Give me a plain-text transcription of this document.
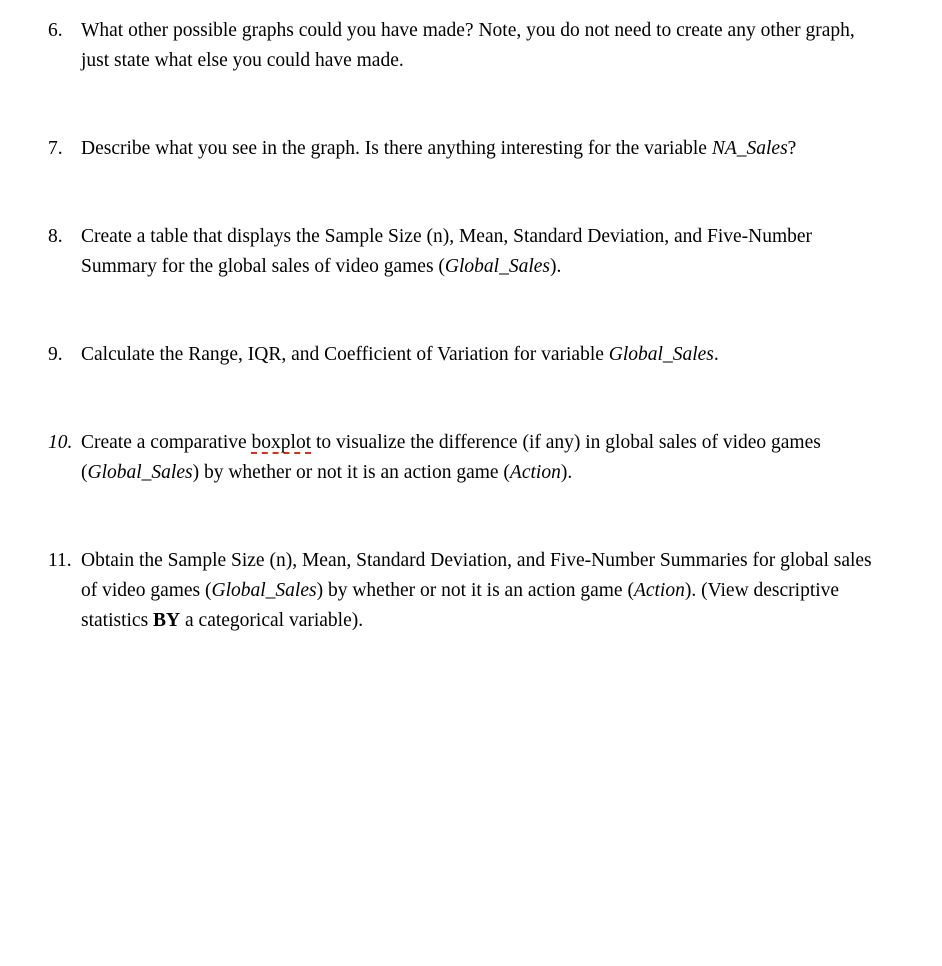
6. What other possible graphs could you have made? Note, you do not need to create any other graph, just state what else you could have made.
7. Describe what you see in the graph. Is there anything interesting for the variable NA_Sales?
8. Create a table that displays the Sample Size (n), Mean, Standard Deviation, and Five-Number Summary for the global sales of video games (Global_Sales).
9. Calculate the Range, IQR, and Coefficient of Variation for variable Global_Sales.
10. Create a comparative boxplot to visualize the difference (if any) in global sales of video games (Global_Sales) by whether or not it is an action game (Action).
11. Obtain the Sample Size (n), Mean, Standard Deviation, and Five-Number Summaries for global sales of video games (Global_Sales) by whether or not it is an action game (Action). (View descriptive statistics BY a categorical variable).
